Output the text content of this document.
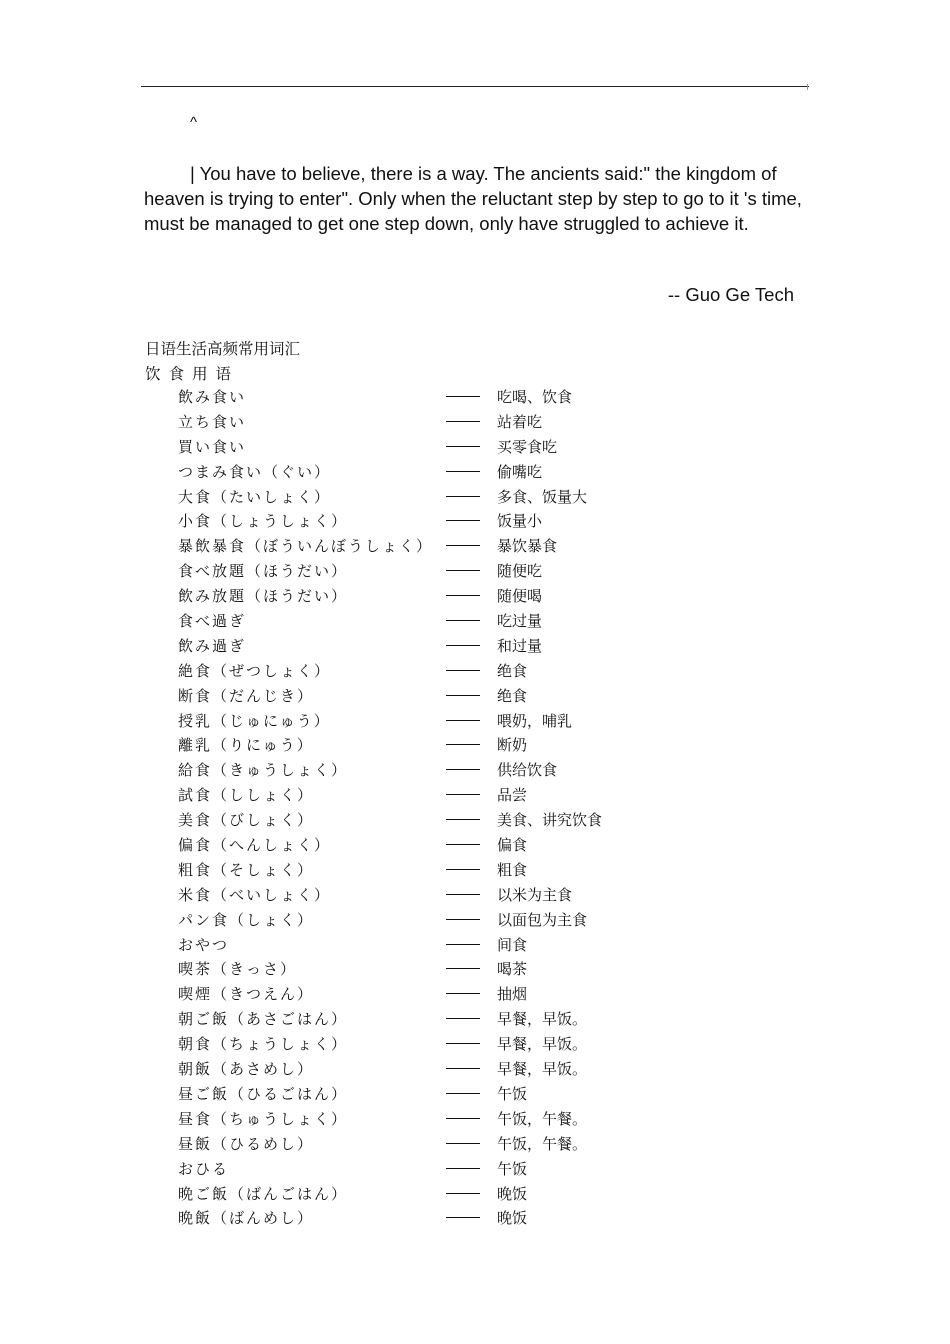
^

| You have to believe, there is a way. The ancients said:" the kingdom of heaven is trying to enter". Only when the reluctant step by step to go to it 's time, must be managed to get one step down, only have struggled to achieve it.

-- Guo Ge Tech
日语生活高频常用词汇
饮食用语
飲み食い	吃喝、饮食
立ち食い	站着吃
買い食い	买零食吃
つまみ食い（ぐい）	偷嘴吃
大食（たいしょく）	多食、饭量大
小食（しょうしょく）	饭量小
暴飲暴食（ぼういんぼうしょく）	暴饮暴食
食べ放題（ほうだい）	随便吃
飲み放題（ほうだい）	随便喝
食べ過ぎ	吃过量
飲み過ぎ	和过量
絶食（ぜつしょく）	绝食
断食（だんじき）	绝食
授乳（じゅにゅう）	喂奶，哺乳
離乳（りにゅう）	断奶
給食（きゅうしょく）	供给饮食
試食（ししょく）	品尝
美食（びしょく）	美食、讲究饮食
偏食（へんしょく）	偏食
粗食（そしょく）	粗食
米食（べいしょく）	以米为主食
パン食（しょく）	以面包为主食
おやつ	间食
喫茶（きっさ）	喝茶
喫煙（きつえん）	抽烟
朝ご飯（あさごはん）	早餐，早饭。
朝食（ちょうしょく）	早餐，早饭。
朝飯（あさめし）	早餐，早饭。
昼ご飯（ひるごはん）	午饭
昼食（ちゅうしょく）	午饭，午餐。
昼飯（ひるめし）	午饭，午餐。
おひる	午饭
晩ご飯（ばんごはん）	晚饭
晩飯（ばんめし）	晚饭
